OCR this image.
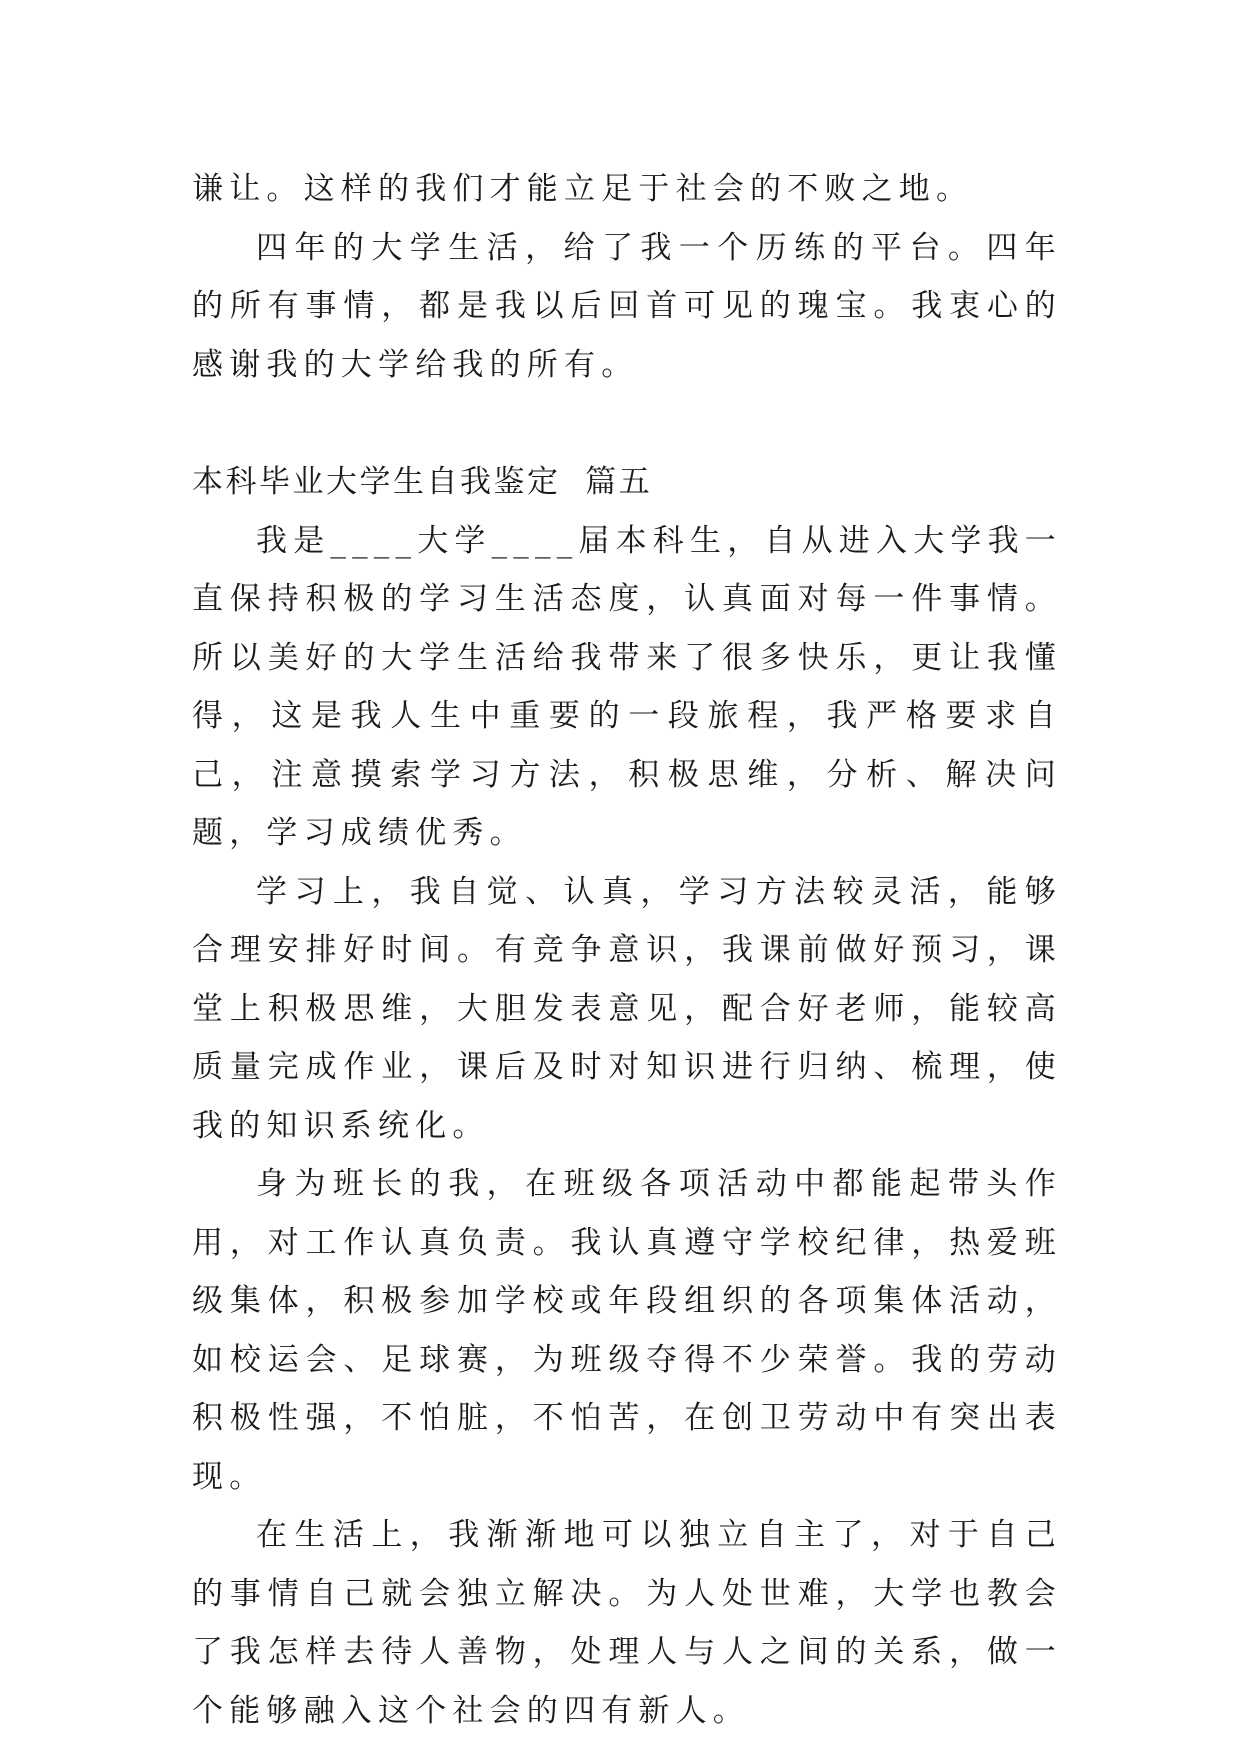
谦让。这样的我们才能立足于社会的不败之地。

四年的大学生活，给了我一个历练的平台。四年的所有事情，都是我以后回首可见的瑰宝。我衷心的感谢我的大学给我的所有。

本科毕业大学生自我鉴定  篇五

我是____大学____届本科生，自从进入大学我一直保持积极的学习生活态度，认真面对每一件事情。所以美好的大学生活给我带来了很多快乐，更让我懂得，这是我人生中重要的一段旅程，我严格要求自己，注意摸索学习方法，积极思维，分析、解决问题，学习成绩优秀。

学习上，我自觉、认真，学习方法较灵活，能够合理安排好时间。有竞争意识，我课前做好预习，课堂上积极思维，大胆发表意见，配合好老师，能较高质量完成作业，课后及时对知识进行归纳、梳理，使我的知识系统化。

身为班长的我，在班级各项活动中都能起带头作用，对工作认真负责。我认真遵守学校纪律，热爱班级集体，积极参加学校或年段组织的各项集体活动，如校运会、足球赛，为班级夺得不少荣誉。我的劳动积极性强，不怕脏，不怕苦，在创卫劳动中有突出表现。

在生活上，我渐渐地可以独立自主了，对于自己的事情自己就会独立解决。为人处世难，大学也教会了我怎样去待人善物，处理人与人之间的关系，做一个能够融入这个社会的四有新人。
